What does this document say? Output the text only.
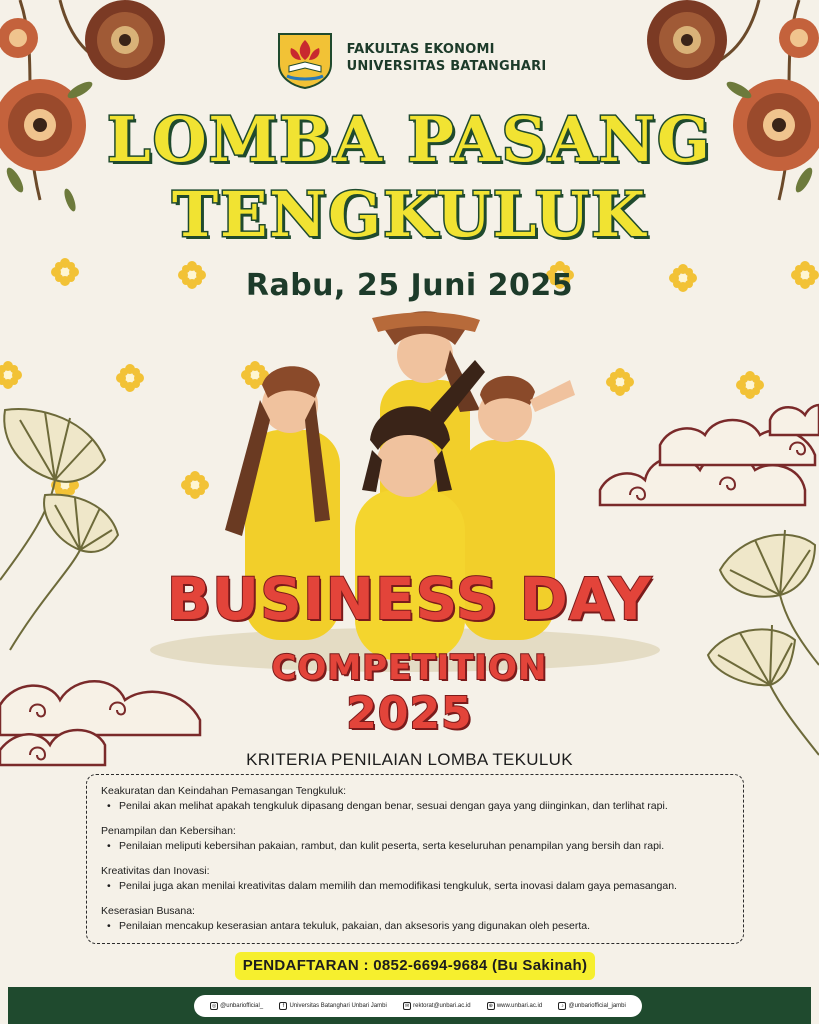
FAKULTAS EKONOMI
UNIVERSITAS BATANGHARI
LOMBA PASANG
TENGKULUK
Rabu, 25 Juni 2025
BUSINESS DAY
COMPETITION
2025
KRITERIA PENILAIAN LOMBA TEKULUK
Keakuratan dan Keindahan Pemasangan Tengkuluk:
• Penilai akan melihat apakah tengkuluk dipasang dengan benar, sesuai dengan gaya yang diinginkan, dan terlihat rapi.
Penampilan dan Kebersihan:
• Penilaian meliputi kebersihan pakaian, rambut, dan kulit peserta, serta keseluruhan penampilan yang bersih dan rapi.
Kreativitas dan Inovasi:
• Penilai juga akan menilai kreativitas dalam memilih dan memodifikasi tengkuluk, serta inovasi dalam gaya pemasangan.
Keserasian Busana:
• Penilaian mencakup keserasian antara tekuluk, pakaian, dan aksesoris yang digunakan oleh peserta.
PENDAFTARAN : 0852-6694-9684 (Bu Sakinah)
◎ @unbariofficial_	f Universitas Batanghari Unbari Jambi	✉ rektorat@unbari.ac.id	⊕ www.unbari.ac.id	♪ @unbariofficial_jambi
